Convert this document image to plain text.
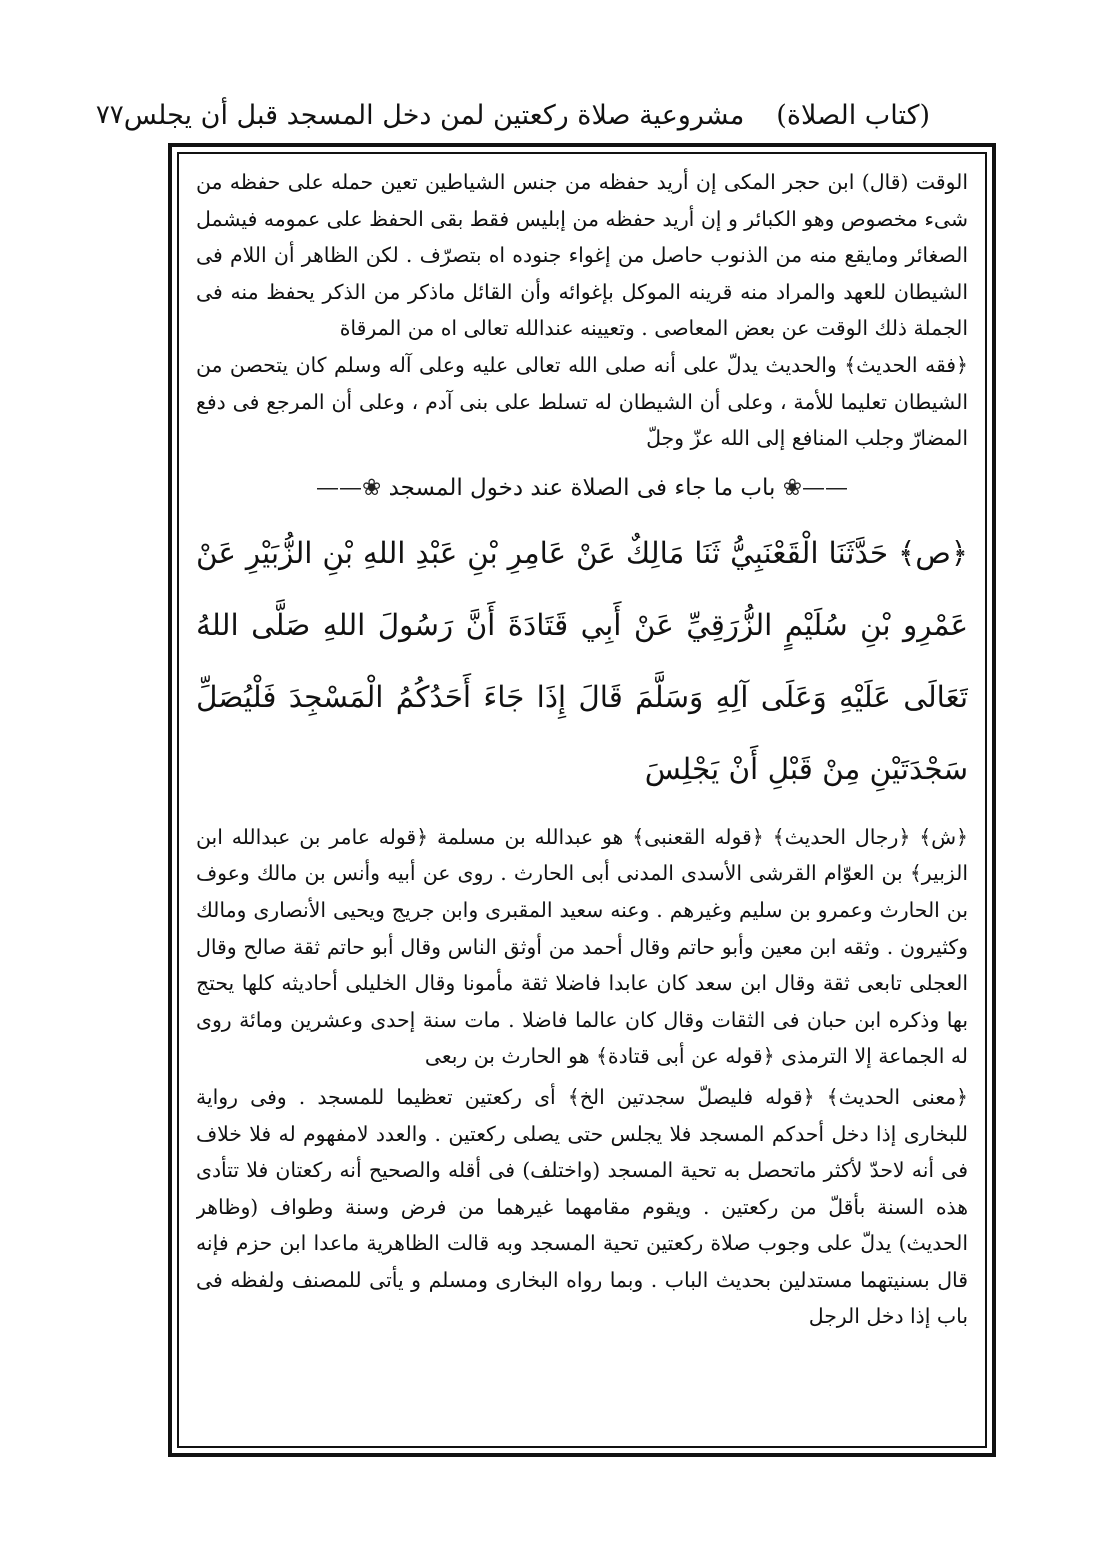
(كتاب الصلاة)
مشروعية صلاة ركعتين لمن دخل المسجد قبل أن يجلس
٧٧

الوقت (قال) ابن حجر المكى إن أريد حفظه من جنس الشياطين تعين حمله على حفظه من شىء مخصوص وهو الكبائر و إن أريد حفظه من إبليس فقط بقى الحفظ على عمومه فيشمل الصغائر ومايقع منه من الذنوب حاصل من إغواء جنوده اه بتصرّف . لكن الظاهر أن اللام فى الشيطان للعهد والمراد منه قرينه الموكل بإغوائه وأن القائل ماذكر من الذكر يحفظ منه فى الجملة ذلك الوقت عن بعض المعاصى . وتعيينه عندالله تعالى اه من المرقاة

﴿فقه الحديث﴾ والحديث يدلّ على أنه صلى الله تعالى عليه وعلى آله وسلم كان يتحصن من الشيطان تعليما للأمة ، وعلى أن الشيطان له تسلط على بنى آدم ، وعلى أن المرجع فى دفع المضارّ وجلب المنافع إلى الله عزّ وجلّ

——❀ باب ما جاء فى الصلاة عند دخول المسجد ❀——

﴿ص﴾ حَدَّثَنَا الْقَعْنَبِيُّ ثَنَا مَالِكٌ عَنْ عَامِرِ بْنِ عَبْدِ اللهِ بْنِ الزُّبَيْرِ عَنْ عَمْرِو بْنِ سُلَيْمٍ الزُّرَقِيِّ عَنْ أَبِي قَتَادَةَ أَنَّ رَسُولَ اللهِ صَلَّى اللهُ تَعَالَى عَلَيْهِ وَعَلَى آلِهِ وَسَلَّمَ قَالَ إِذَا جَاءَ أَحَدُكُمُ الْمَسْجِدَ فَلْيُصَلِّ سَجْدَتَيْنِ مِنْ قَبْلِ أَنْ يَجْلِسَ

﴿ش﴾ ﴿رجال الحديث﴾ ﴿قوله القعنبى﴾ هو عبدالله بن مسلمة ﴿قوله عامر بن عبدالله ابن الزبير﴾ بن العوّام القرشى الأسدى المدنى أبى الحارث . روى عن أبيه وأنس بن مالك وعوف بن الحارث وعمرو بن سليم وغيرهم . وعنه سعيد المقبرى وابن جريج ويحيى الأنصارى ومالك وكثيرون . وثقه ابن معين وأبو حاتم وقال أحمد من أوثق الناس وقال أبو حاتم ثقة صالح وقال العجلى تابعى ثقة وقال ابن سعد كان عابدا فاضلا ثقة مأمونا وقال الخليلى أحاديثه كلها يحتج بها وذكره ابن حبان فى الثقات وقال كان عالما فاضلا . مات سنة إحدى وعشرين ومائة روى له الجماعة إلا الترمذى ﴿قوله عن أبى قتادة﴾ هو الحارث بن ربعى

﴿معنى الحديث﴾ ﴿قوله فليصلّ سجدتين الخ﴾ أى ركعتين تعظيما للمسجد . وفى رواية للبخارى إذا دخل أحدكم المسجد فلا يجلس حتى يصلى ركعتين . والعدد لامفهوم له فلا خلاف فى أنه لاحدّ لأكثر ماتحصل به تحية المسجد (واختلف) فى أقله والصحيح أنه ركعتان فلا تتأدى هذه السنة بأقلّ من ركعتين . ويقوم مقامهما غيرهما من فرض وسنة وطواف (وظاهر الحديث) يدلّ على وجوب صلاة ركعتين تحية المسجد وبه قالت الظاهرية ماعدا ابن حزم فإنه قال بسنيتهما مستدلين بحديث الباب . وبما رواه البخارى ومسلم و يأتى للمصنف ولفظه فى باب إذا دخل الرجل
